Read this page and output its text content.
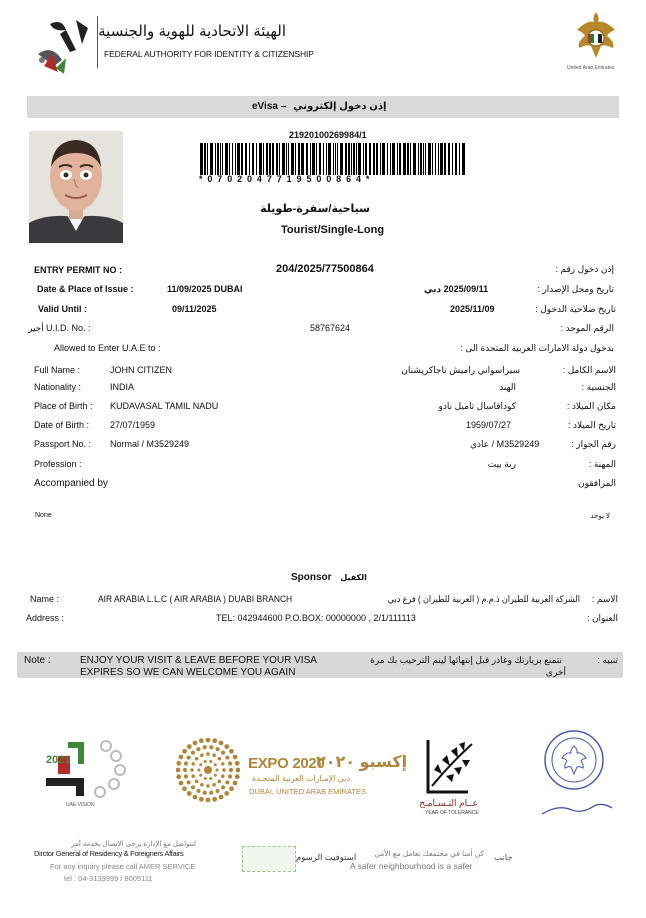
الهيئة الاتحادية للهوية والجنسية
FEDERAL AUTHORITY FOR IDENTITY & CITIZENSHIP
United Arab Emirates
eVisa – إذن دخول إلكتروني
21920100269984/1
* 0 7 0 2 0 4 7 7 1 9 5 0 0 8 6 4 *
سياحية/سفرة-طويلة
Tourist/Single-Long
ENTRY PERMIT NO :	204/2025/77500864	إذن دخول رقم :
Date & Place of Issue :	11/09/2025 DUBAI	2025/09/11 دبي	تاريخ ومحل الإصدار :
Valid Until :	09/11/2025	2025/11/09	تاريخ صلاحية الدخول :
أجير U.I.D. No. :	58767624	الرقم الموحد :
Allowed to Enter U.A.E to :	بدخول دولة الامارات العربية المتحدة الى :
Full Name :	JOHN CITIZEN	سيراسواني راميش ناجاكريشنان	الاسم الكامل :
Nationality :	INDIA	الهند	الجنسية :
Place of Birth : KUDAVASAL TAMIL NADU	كوداقاسال تاميل نادو	مكان الميلاد :
Date of Birth : 27/07/1959	1959/07/27	تاريخ الميلاد :
Passport No. : Normal / M3529249	M3529249 / عادي	رقم الجواز :
Profession :	ربة بيت	المهنة :
Accompanied by	المرافقون
None	لا يوجد
Sponsor الكفيل
Name :	AIR ARABIA L.L.C ( AIR ARABIA ) DUABI BRANCH	الشركة العربية للطيران ذ.م.م ( العربية للطيران ) فرع دبي	الاسم :
Address :	TEL: 042944600 P.O.BOX: 00000000 , 2/1/111113	العنوان :
Note :	ENJOY YOUR VISIT & LEAVE BEFORE YOUR VISA
EXPIRES SO WE CAN WELCOME YOU AGAIN
نتمنع بزيارتك وغادر قبل إنتهائها لينم الترحيب بك مرة
أخرى
تنبيه :
2021
UAE VISION
EXPO 2020
إكسبو ٢٠٢٠
دبي الإمـارات العربية المتحـدة
DUBAI, UNITED ARAB EMIRATES
عــام التـسـامـح
YEAR OF TOLERANCE
لتتواصل مع الإدارة يرجى الاتصال بخدمة آمر
Dirctor General of Residency & Foreigners Affairs
For any inquiry please call AMER SERVICE
tel : 04-3139999 / 8005111
استوفيت الرسوم	كن أمنا في مجتمعك تعامل مع الأمن
A safer neighbourhood is a safer
جانب
